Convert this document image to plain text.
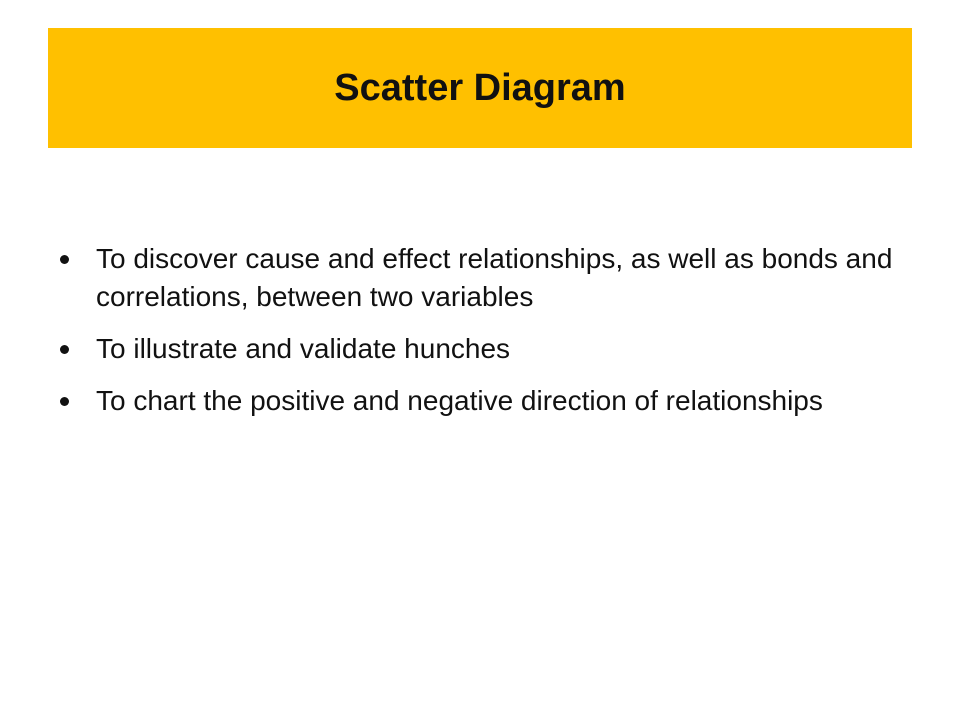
Scatter Diagram
To discover cause and effect relationships, as well as bonds and correlations, between two variables
To illustrate and validate hunches
To chart the positive and negative direction of relationships
